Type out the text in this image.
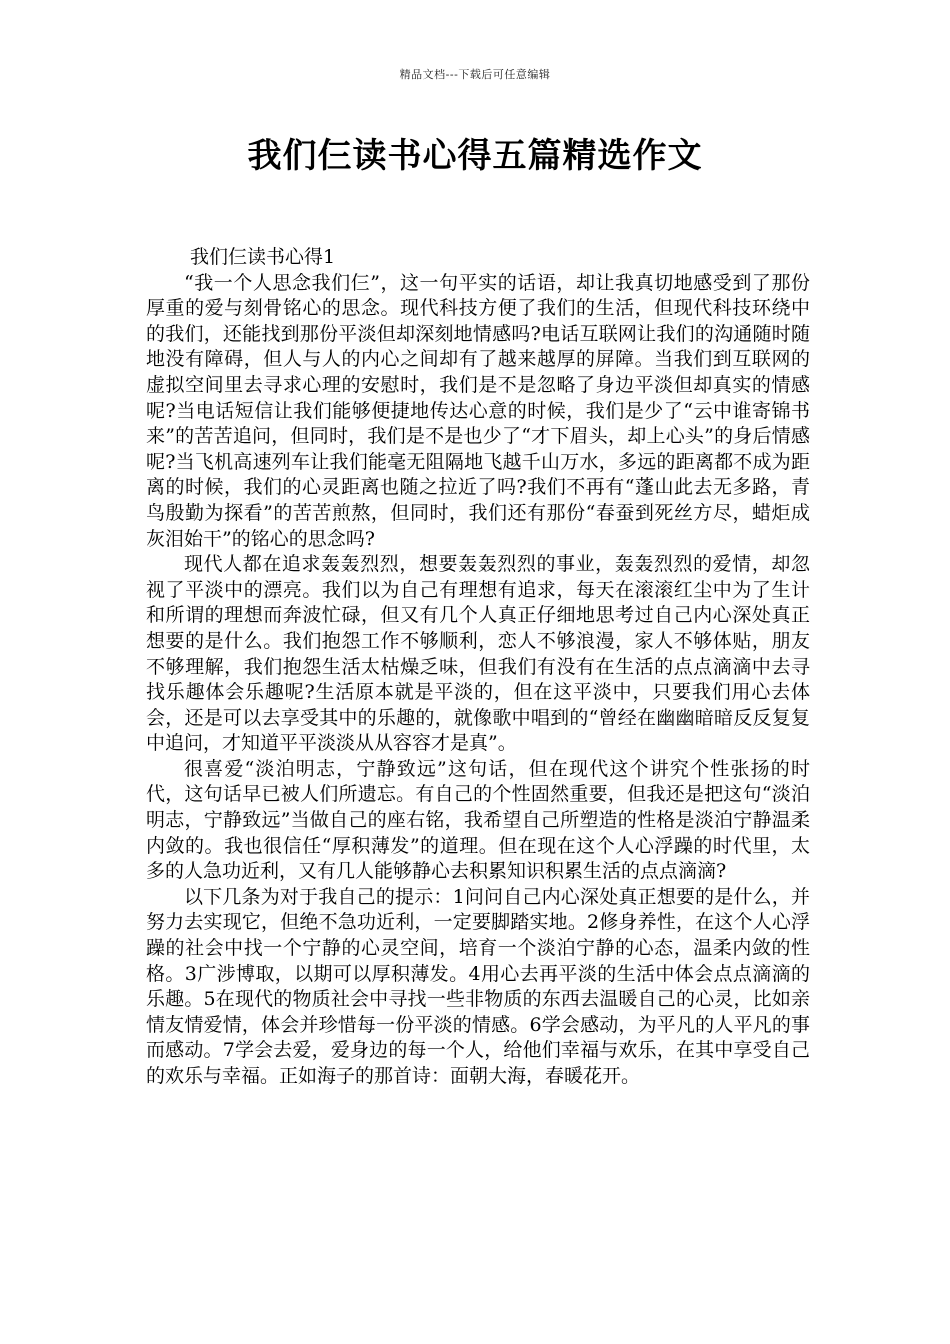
精品文档---下载后可任意编辑
我们仨读书心得五篇精选作文

我们仨读书心得1

“我一个人思念我们仨”，这一句平实的话语，却让我真切地感受到了那份厚重的爱与刻骨铭心的思念。现代科技方便了我们的生活，但现代科技环绕中的我们，还能找到那份平淡但却深刻地情感吗?电话互联网让我们的沟通随时随地没有障碍，但人与人的内心之间却有了越来越厚的屏障。当我们到互联网的虚拟空间里去寻求心理的安慰时，我们是不是忽略了身边平淡但却真实的情感呢?当电话短信让我们能够便捷地传达心意的时候，我们是少了“云中谁寄锦书来”的苦苦追问，但同时，我们是不是也少了“才下眉头，却上心头”的身后情感呢?当飞机高速列车让我们能毫无阻隔地飞越千山万水，多远的距离都不成为距离的时候，我们的心灵距离也随之拉近了吗?我们不再有“蓬山此去无多路，青鸟殷勤为探看”的苦苦煎熬，但同时，我们还有那份“春蚕到死丝方尽，蜡炬成灰泪始干”的铭心的思念吗?

现代人都在追求轰轰烈烈，想要轰轰烈烈的事业，轰轰烈烈的爱情，却忽视了平淡中的漂亮。我们以为自己有理想有追求，每天在滚滚红尘中为了生计和所谓的理想而奔波忙碌，但又有几个人真正仔细地思考过自己内心深处真正想要的是什么。我们抱怨工作不够顺利，恋人不够浪漫，家人不够体贴，朋友不够理解，我们抱怨生活太枯燥乏味，但我们有没有在生活的点点滴滴中去寻找乐趣体会乐趣呢?生活原本就是平淡的，但在这平淡中，只要我们用心去体会，还是可以去享受其中的乐趣的，就像歌中唱到的“曾经在幽幽暗暗反反复复中追问，才知道平平淡淡从从容容才是真”。

很喜爱“淡泊明志，宁静致远”这句话，但在现代这个讲究个性张扬的时代，这句话早已被人们所遗忘。有自己的个性固然重要，但我还是把这句“淡泊明志，宁静致远”当做自己的座右铭，我希望自己所塑造的性格是淡泊宁静温柔内敛的。我也很信任“厚积薄发”的道理。但在现在这个人心浮躁的时代里，太多的人急功近利，又有几人能够静心去积累知识积累生活的点点滴滴?

以下几条为对于我自己的提示：1问问自己内心深处真正想要的是什么，并努力去实现它，但绝不急功近利，一定要脚踏实地。2修身养性，在这个人心浮躁的社会中找一个宁静的心灵空间，培育一个淡泊宁静的心态，温柔内敛的性格。3广涉博取，以期可以厚积薄发。4用心去再平淡的生活中体会点点滴滴的乐趣。5在现代的物质社会中寻找一些非物质的东西去温暖自己的心灵，比如亲情友情爱情，体会并珍惜每一份平淡的情感。6学会感动，为平凡的人平凡的事而感动。7学会去爱，爱身边的每一个人，给他们幸福与欢乐，在其中享受自己的欢乐与幸福。正如海子的那首诗：面朝大海，春暖花开。
